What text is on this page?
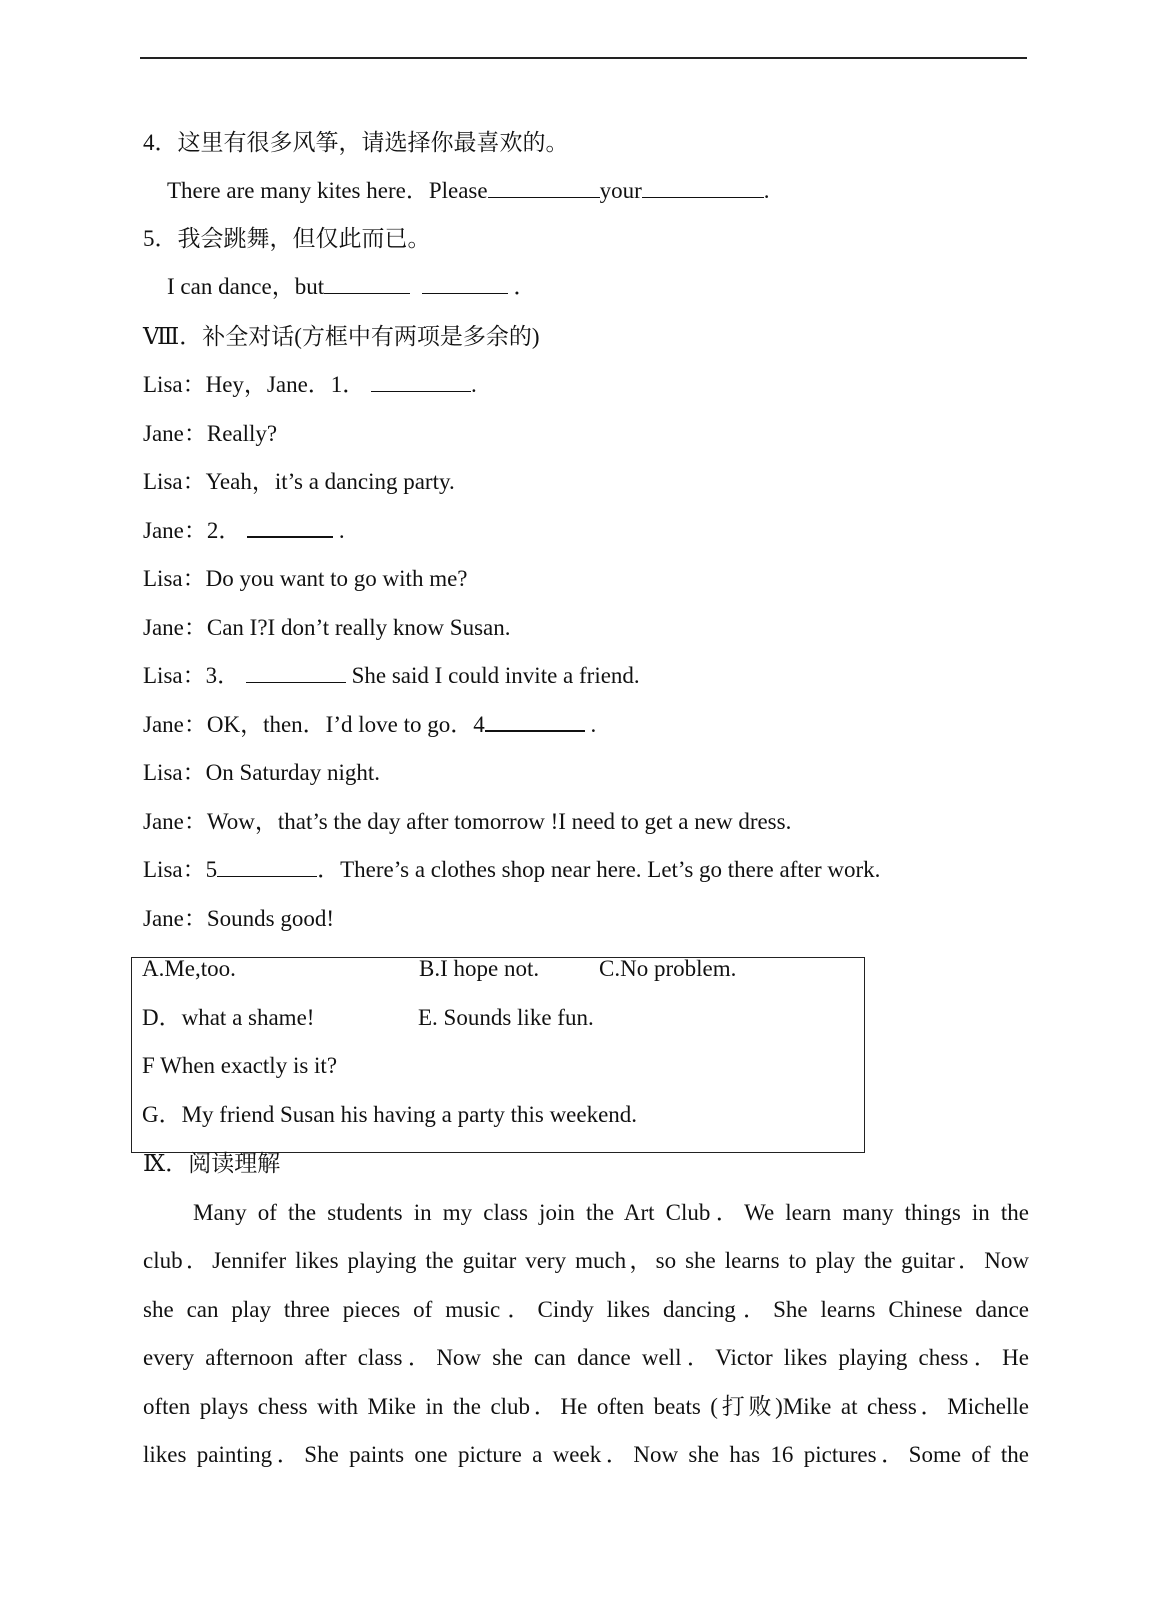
4．这里有很多风筝，请选择你最喜欢的。
There are many kites here．Please	your	.
5．我会跳舞，但仅此而已。
I can dance，but	．
Ⅷ．补全对话(方框中有两项是多余的)
Lisa：Hey，Jane．1．	.
Jane：Really?
Lisa：Yeah，it’s a dancing party.
Jane：2．	.
Lisa：Do you want to go with me?
Jane：Can I?I don’t really know Susan.
Lisa：3．	She said I could invite a friend.
Jane：OK，then．I’d love to go．4	.
Lisa：On Saturday night.
Jane：Wow，that’s the day after tomorrow !I need to get a new dress.
Lisa：5	．There’s a clothes shop near here. Let’s go there after work.
Jane：Sounds good!
A.Me,too.	B.I hope not.	C.No problem.
D．what a shame!	E. Sounds like fun.
F When exactly is it?
G．My friend Susan his having a party this weekend.
Ⅸ．阅读理解
Many of the students in my class join the Art Club．We learn many things in the
club．Jennifer likes playing the guitar very much，so she learns to play the guitar．Now
she can play three pieces of music．Cindy likes dancing．She learns Chinese dance
every afternoon after class．Now she can dance well．Victor likes playing chess．He
often plays chess with Mike in the club．He often beats (打败)Mike at chess．Michelle
likes painting．She paints one picture a week．Now she has 16 pictures．Some of the
